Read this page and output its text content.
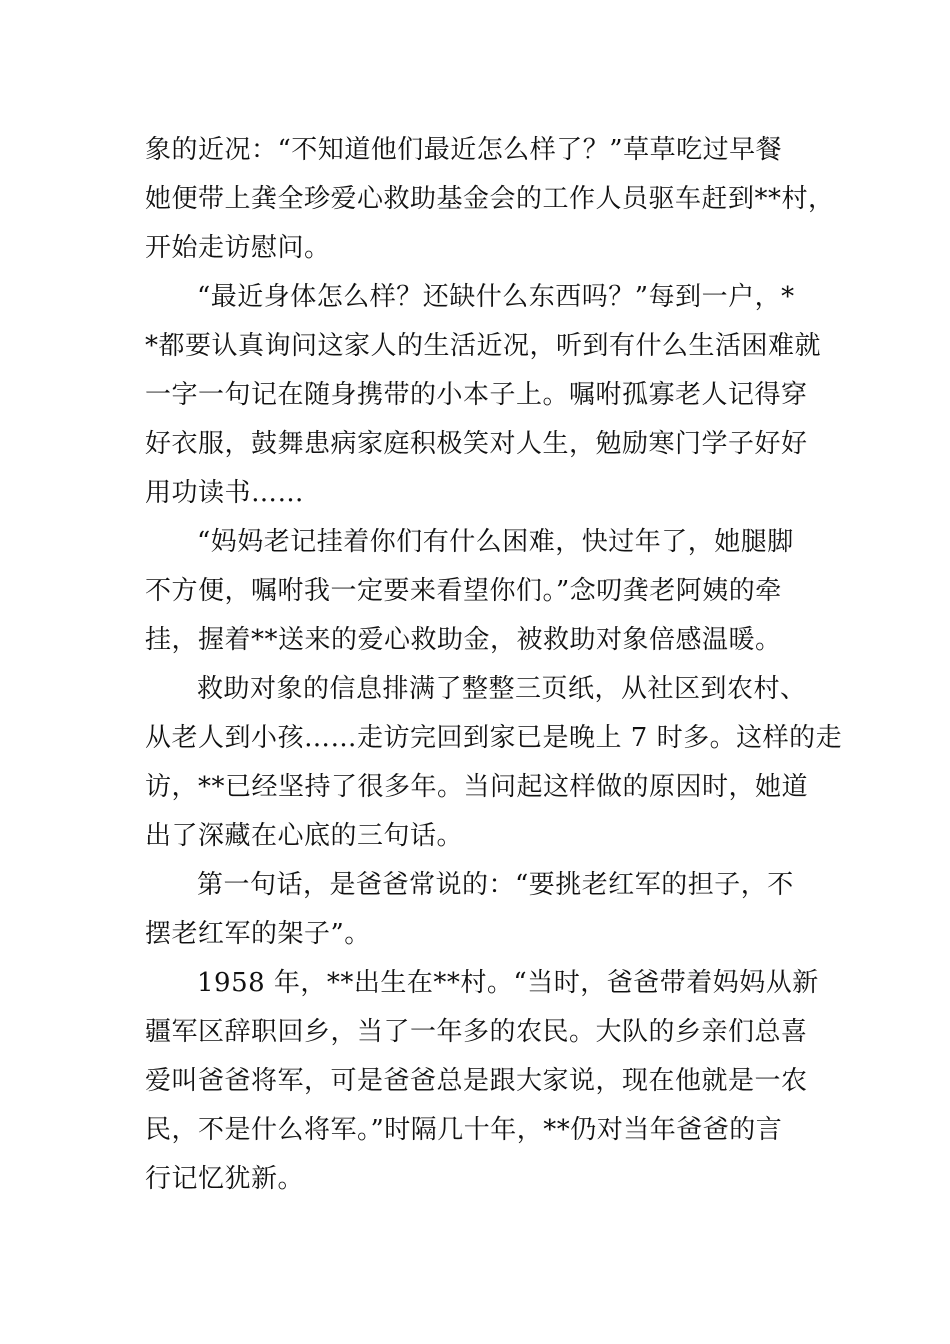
象的近况：“不知道他们最近怎么样了？”草草吃过早餐
她便带上龚全珍爱心救助基金会的工作人员驱车赶到**村，
开始走访慰问。
“最近身体怎么样？还缺什么东西吗？”每到一户，*
*都要认真询问这家人的生活近况，听到有什么生活困难就
一字一句记在随身携带的小本子上。嘱咐孤寡老人记得穿
好衣服，鼓舞患病家庭积极笑对人生，勉励寒门学子好好
用功读书……
“妈妈老记挂着你们有什么困难，快过年了，她腿脚
不方便，嘱咐我一定要来看望你们。”念叨龚老阿姨的牵
挂，握着**送来的爱心救助金，被救助对象倍感温暖。
救助对象的信息排满了整整三页纸，从社区到农村、
从老人到小孩……走访完回到家已是晚上 7 时多。这样的走
访，**已经坚持了很多年。当问起这样做的原因时，她道
出了深藏在心底的三句话。
第一句话，是爸爸常说的：“要挑老红军的担子，不
摆老红军的架子”。
1958 年，**出生在**村。“当时，爸爸带着妈妈从新
疆军区辞职回乡，当了一年多的农民。大队的乡亲们总喜
爱叫爸爸将军，可是爸爸总是跟大家说，现在他就是一农
民，不是什么将军。”时隔几十年，**仍对当年爸爸的言
行记忆犹新。
